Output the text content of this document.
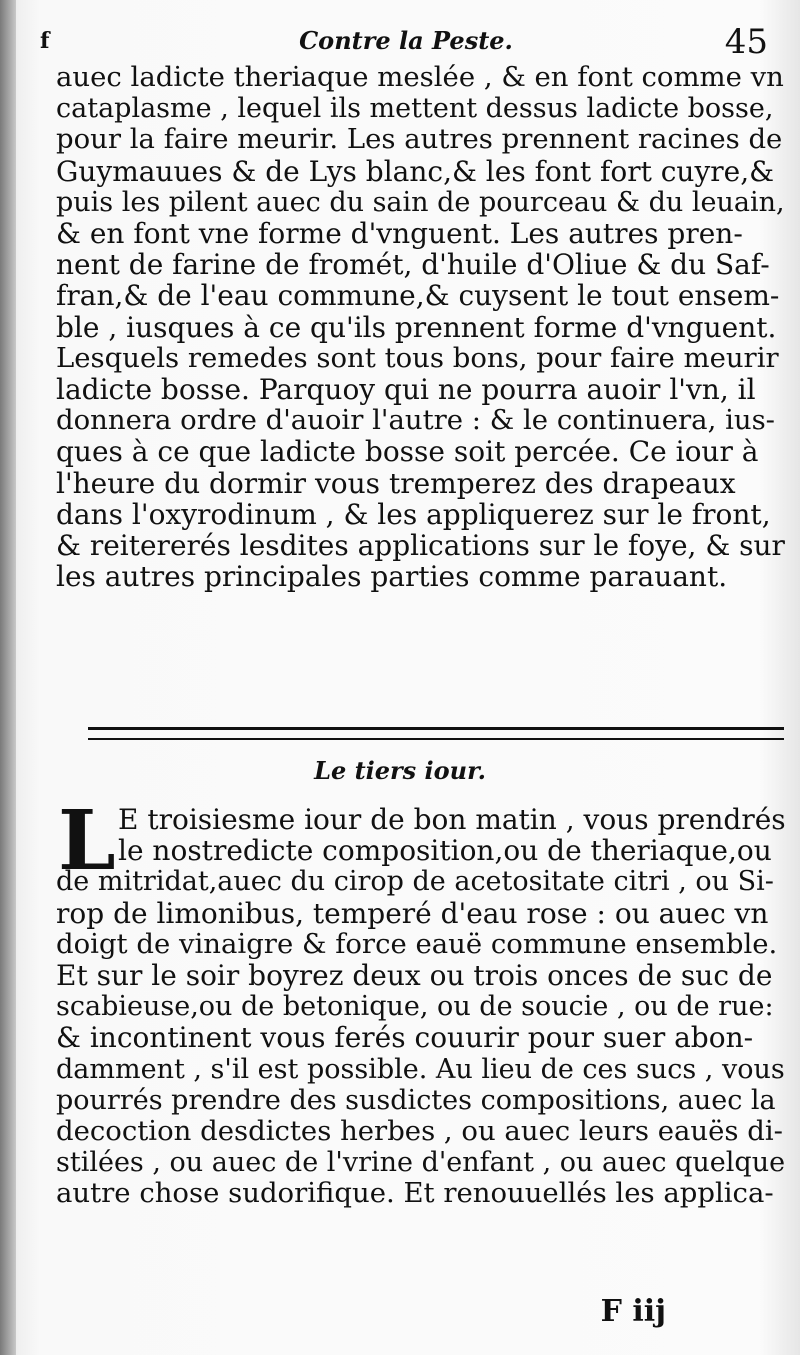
f	Contre la Peste.	45
auec ladicte theriaque meslée , & en font comme vn
cataplasme , lequel ils mettent dessus ladicte bosse,
pour la faire meurir. Les autres prennent racines de
Guymauues & de Lys blanc,& les font fort cuyre,&
puis les pilent auec du sain de pourceau & du leuain,
& en font vne forme d'vnguent. Les autres pren-
nent de farine de fromét, d'huile d'Oliue & du Saf-
fran,& de l'eau commune,& cuysent le tout ensem-
ble , iusques à ce qu'ils prennent forme d'vnguent.
Lesquels remedes sont tous bons, pour faire meurir
ladicte bosse. Parquoy qui ne pourra auoir l'vn, il
donnera ordre d'auoir l'autre : & le continuera, ius-
ques à ce que ladicte bosse soit percée. Ce iour à
l'heure du dormir vous tremperez des drapeaux
dans l'oxyrodinum , & les appliquerez sur le front,
& reitererés lesdites applications sur le foye, & sur
les autres principales parties comme parauant.
Le tiers iour.
L E troisiesme iour de bon matin , vous prendrés
le nostredicte composition,ou de theriaque,ou
de mitridat,auec du cirop de acetositate citri , ou Si-
rop de limonibus, temperé d'eau rose : ou auec vn
doigt de vinaigre & force eauë commune ensemble.
Et sur le soir boyrez deux ou trois onces de suc de
scabieuse,ou de betonique, ou de soucie , ou de rue:
& incontinent vous ferés couurir pour suer abon-
damment , s'il est possible. Au lieu de ces sucs , vous
pourrés prendre des susdictes compositions, auec la
decoction desdictes herbes , ou auec leurs eauës di-
stilées , ou auec de l'vrine d'enfant , ou auec quelque
autre chose sudorifique. Et renouuellés les applica-
F iij
